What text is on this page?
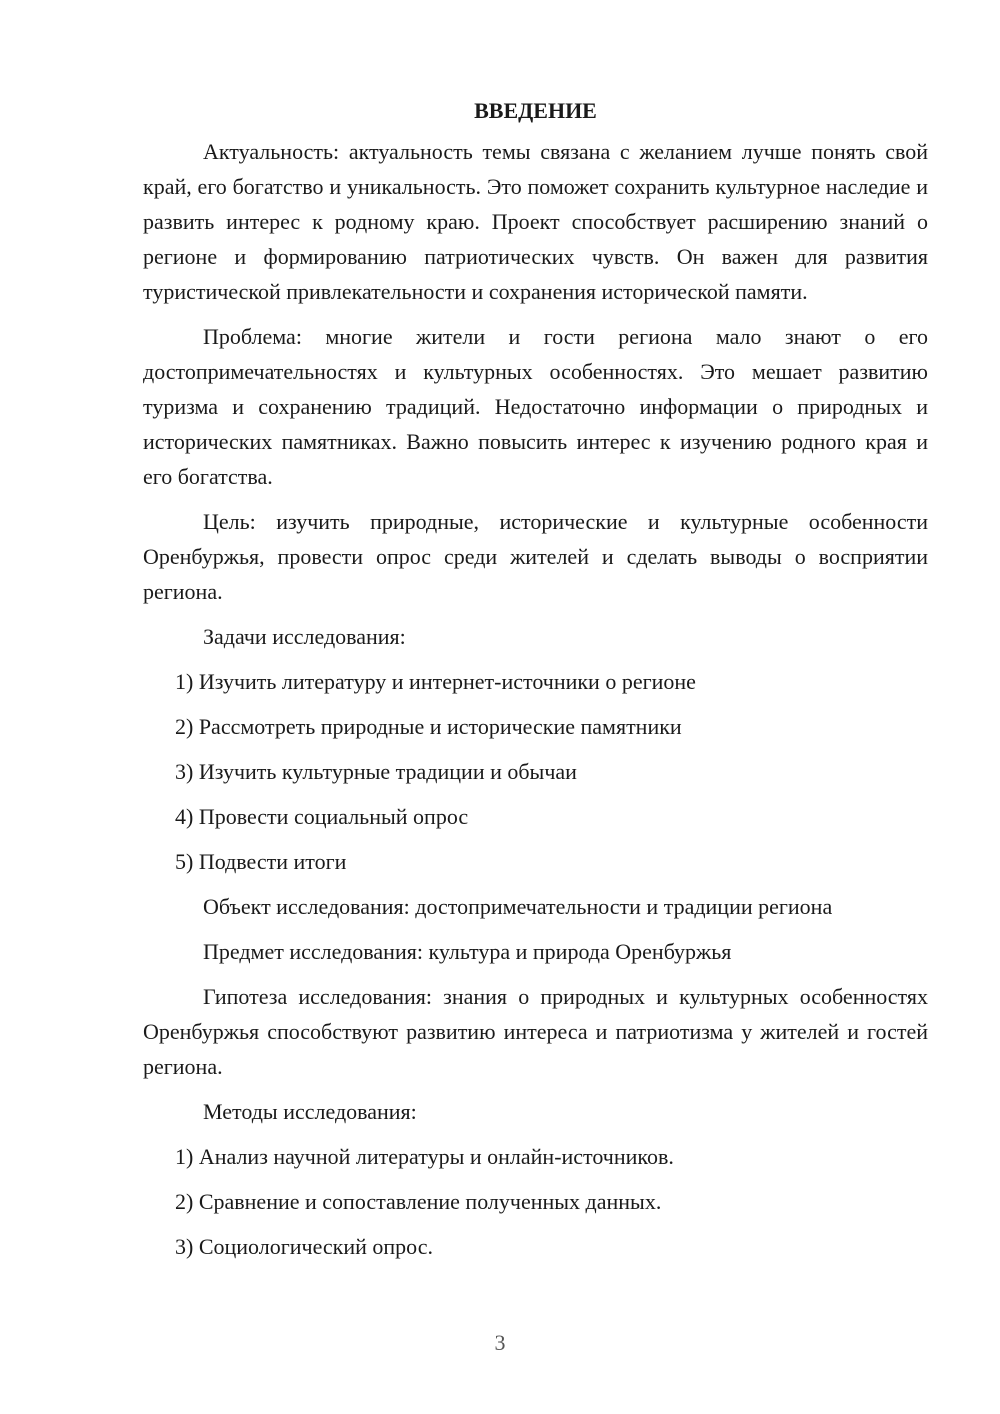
ВВЕДЕНИЕ

Актуальность: актуальность темы связана с желанием лучше понять свой край, его богатство и уникальность. Это поможет сохранить культурное наследие и развить интерес к родному краю. Проект способствует расширению знаний о регионе и формированию патриотических чувств. Он важен для развития туристической привлекательности и сохранения исторической памяти.

Проблема: многие жители и гости региона мало знают о его достопримечательностях и культурных особенностях. Это мешает развитию туризма и сохранению традиций. Недостаточно информации о природных и исторических памятниках. Важно повысить интерес к изучению родного края и его богатства.

Цель: изучить природные, исторические и культурные особенности Оренбуржья, провести опрос среди жителей и сделать выводы о восприятии региона.

Задачи исследования:

1) Изучить литературу и интернет-источники о регионе

2) Рассмотреть природные и исторические памятники

3) Изучить культурные традиции и обычаи

4) Провести социальный опрос

5) Подвести итоги

Объект исследования: достопримечательности и традиции региона

Предмет исследования: культура и природа Оренбуржья

Гипотеза исследования: знания о природных и культурных особенностях Оренбуржья способствуют развитию интереса и патриотизма у жителей и гостей региона.

Методы исследования:

1) Анализ научной литературы и онлайн-источников.

2) Сравнение и сопоставление полученных данных.

3) Социологический опрос.

3
